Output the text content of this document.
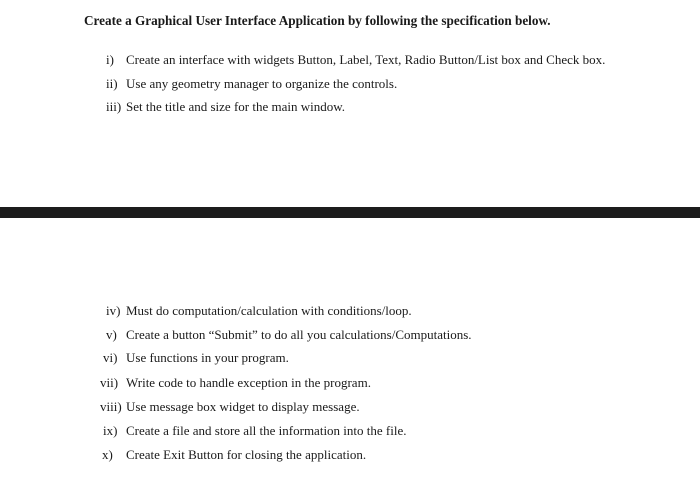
Create a Graphical User Interface Application by following the specification below.
i) Create an interface with widgets Button, Label, Text, Radio Button/List box and Check box.
ii) Use any geometry manager to organize the controls.
iii) Set the title and size for the main window.
iv) Must do computation/calculation with conditions/loop.
v) Create a button “Submit” to do all you calculations/Computations.
vi) Use functions in your program.
vii) Write code to handle exception in the program.
viii) Use message box widget to display message.
ix) Create a file and store all the information into the file.
x)	Create Exit Button for closing the application.
